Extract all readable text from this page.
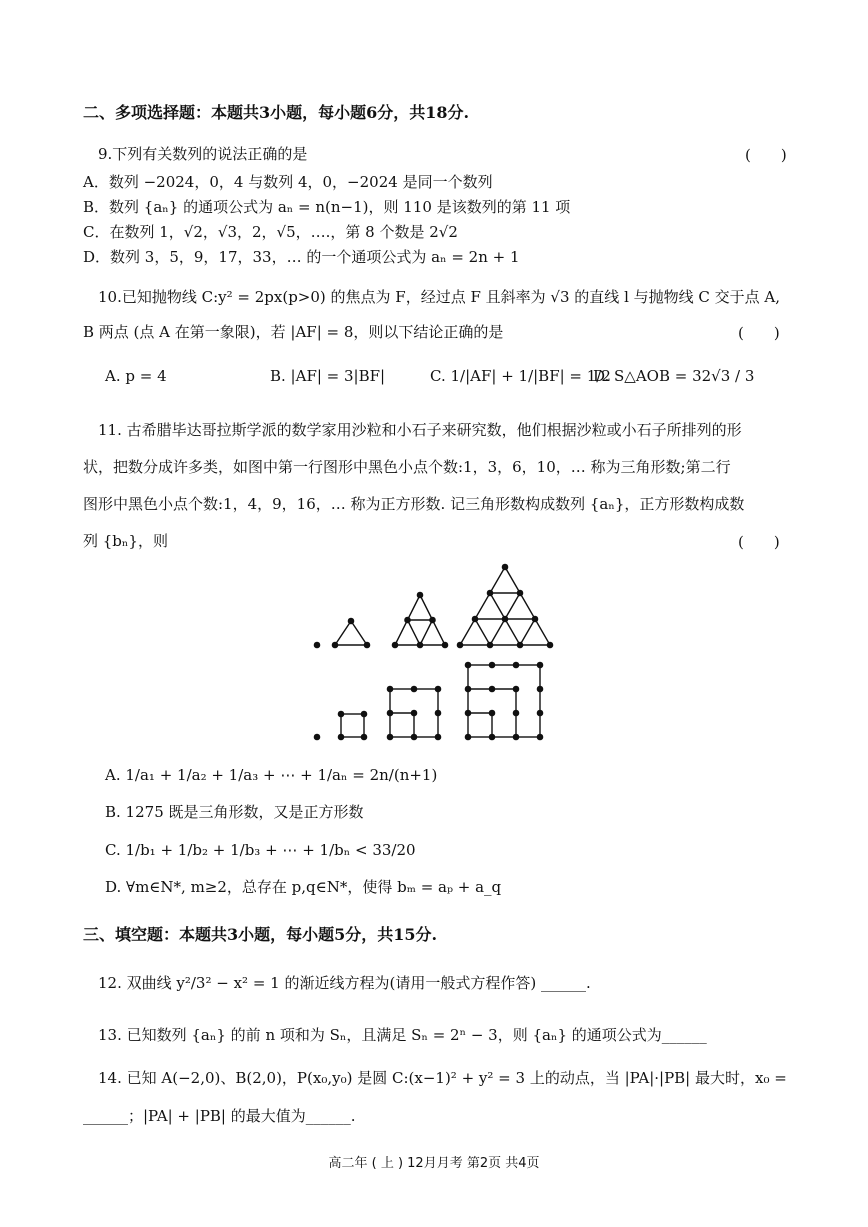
二、多项选择题：本题共3小题，每小题6分，共18分.
9.下列有关数列的说法正确的是	(　　)
A．数列 −2024，0，4 与数列 4，0，−2024 是同一个数列
B．数列 {aₙ} 的通项公式为 aₙ = n(n−1)，则 110 是该数列的第 11 项
C．在数列 1，√2，√3，2，√5，….，第 8 个数是 2√2
D．数列 3，5，9，17，33，… 的一个通项公式为 aₙ = 2n + 1
10.已知抛物线 C:y² = 2px(p>0) 的焦点为 F，经过点 F 且斜率为 √3 的直线 l 与抛物线 C 交于点 A,
B 两点 (点 A 在第一象限)，若 |AF| = 8，则以下结论正确的是	(　　)
A. p = 4	B. |AF| = 3|BF|	C. 1/|AF| + 1/|BF| = 1/2
D. S△AOB = 32√3 / 3
11. 古希腊毕达哥拉斯学派的数学家用沙粒和小石子来研究数，他们根据沙粒或小石子所排列的形
状，把数分成许多类，如图中第一行图形中黑色小点个数:1，3，6，10，… 称为三角形数;第二行
图形中黑色小点个数:1，4，9，16，… 称为正方形数. 记三角形数构成数列 {aₙ}，正方形数构成数
列 {bₙ}，则	(　　)
A. 1/a₁ + 1/a₂ + 1/a₃ + ⋯ + 1/aₙ = 2n/(n+1)
B. 1275 既是三角形数，又是正方形数
C. 1/b₁ + 1/b₂ + 1/b₃ + ⋯ + 1/bₙ < 33/20
D. ∀m∈N*, m≥2，总存在 p,q∈N*，使得 bₘ = aₚ + a_q
三、填空题：本题共3小题，每小题5分，共15分.
12. 双曲线 y²/3² − x² = 1 的渐近线方程为(请用一般式方程作答) ______.
13. 已知数列 {aₙ} 的前 n 项和为 Sₙ，且满足 Sₙ = 2ⁿ − 3，则 {aₙ} 的通项公式为______
14. 已知 A(−2,0)、B(2,0)，P(x₀,y₀) 是圆 C:(x−1)² + y² = 3 上的动点，当 |PA|·|PB| 最大时，x₀ =
______；|PA| + |PB| 的最大值为______.
高二年 ( 上 ) 12月月考 第2页 共4页
